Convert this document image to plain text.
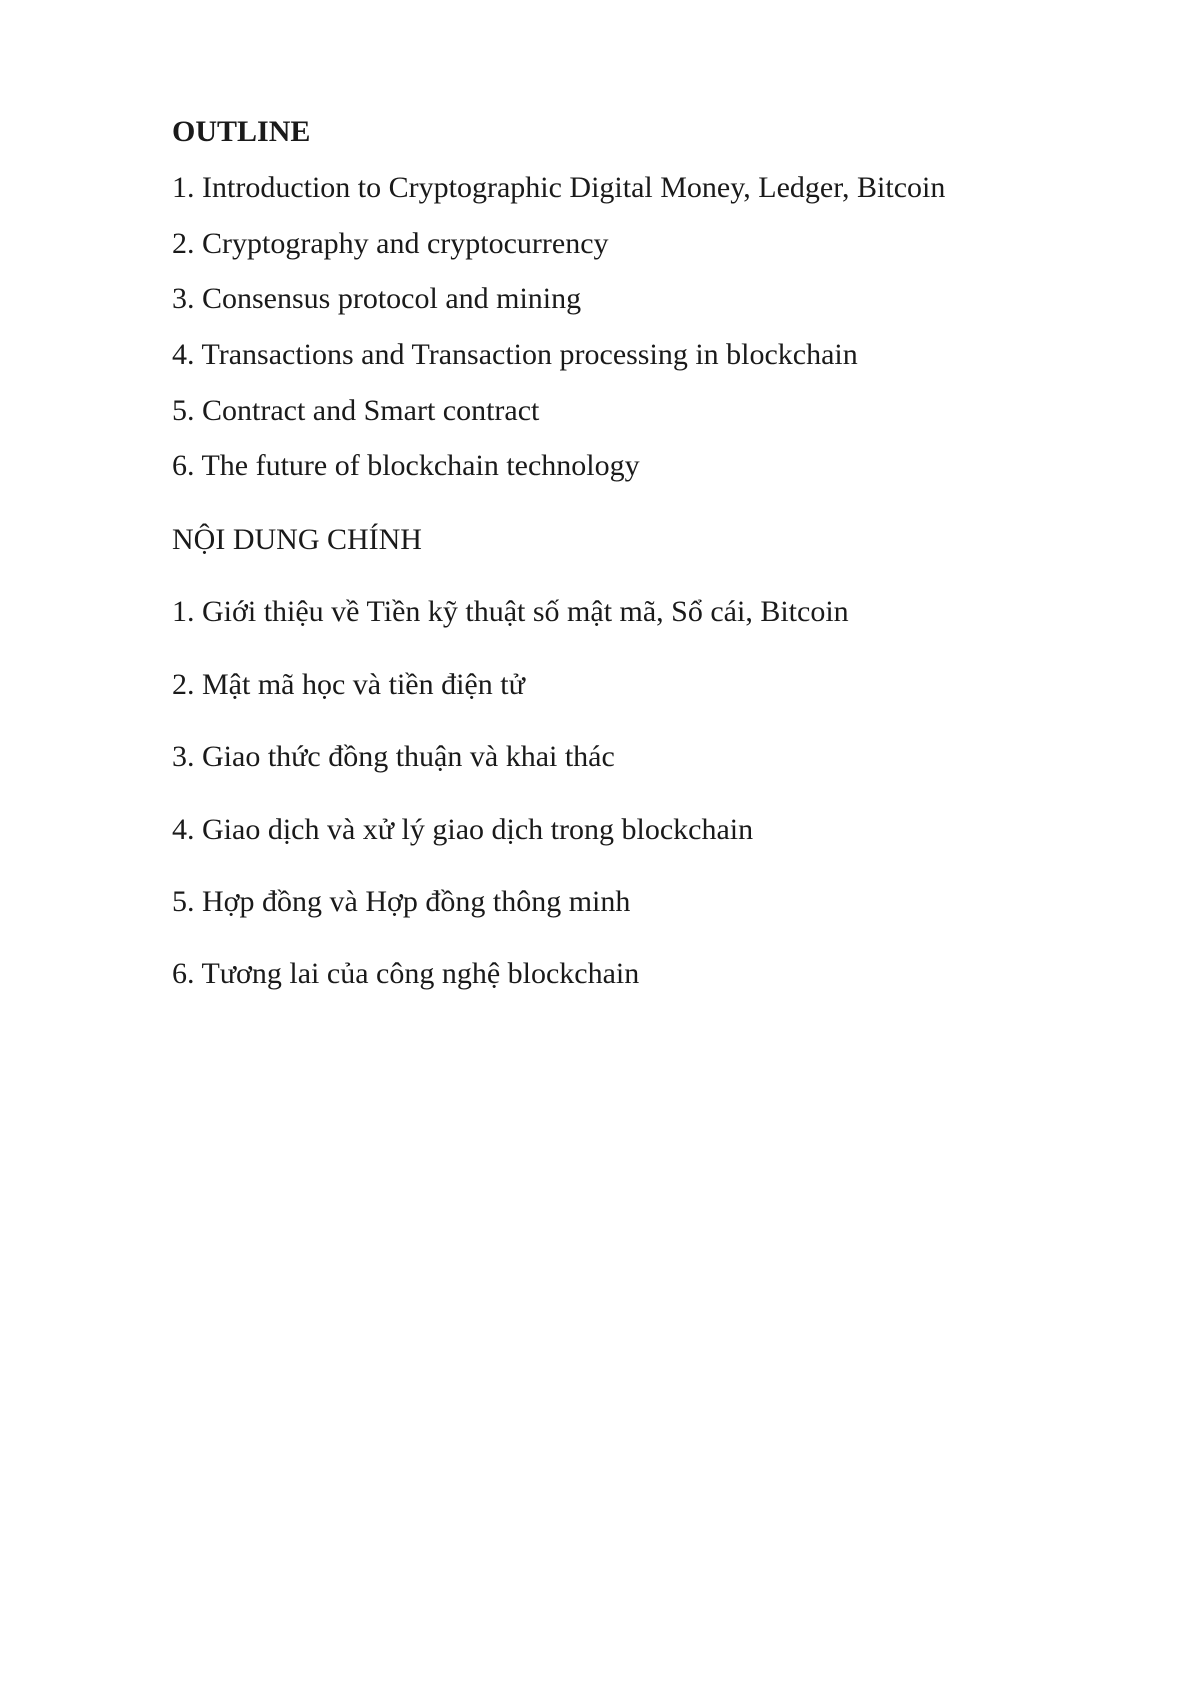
OUTLINE

1. Introduction to Cryptographic Digital Money, Ledger, Bitcoin

2. Cryptography and cryptocurrency

3. Consensus protocol and mining

4. Transactions and Transaction processing in blockchain

5. Contract and Smart contract

6. The future of blockchain technology

NỘI DUNG CHÍNH

1. Giới thiệu về Tiền kỹ thuật số mật mã, Sổ cái, Bitcoin

2. Mật mã học và tiền điện tử

3. Giao thức đồng thuận và khai thác

4. Giao dịch và xử lý giao dịch trong blockchain

5. Hợp đồng và Hợp đồng thông minh

6. Tương lai của công nghệ blockchain
